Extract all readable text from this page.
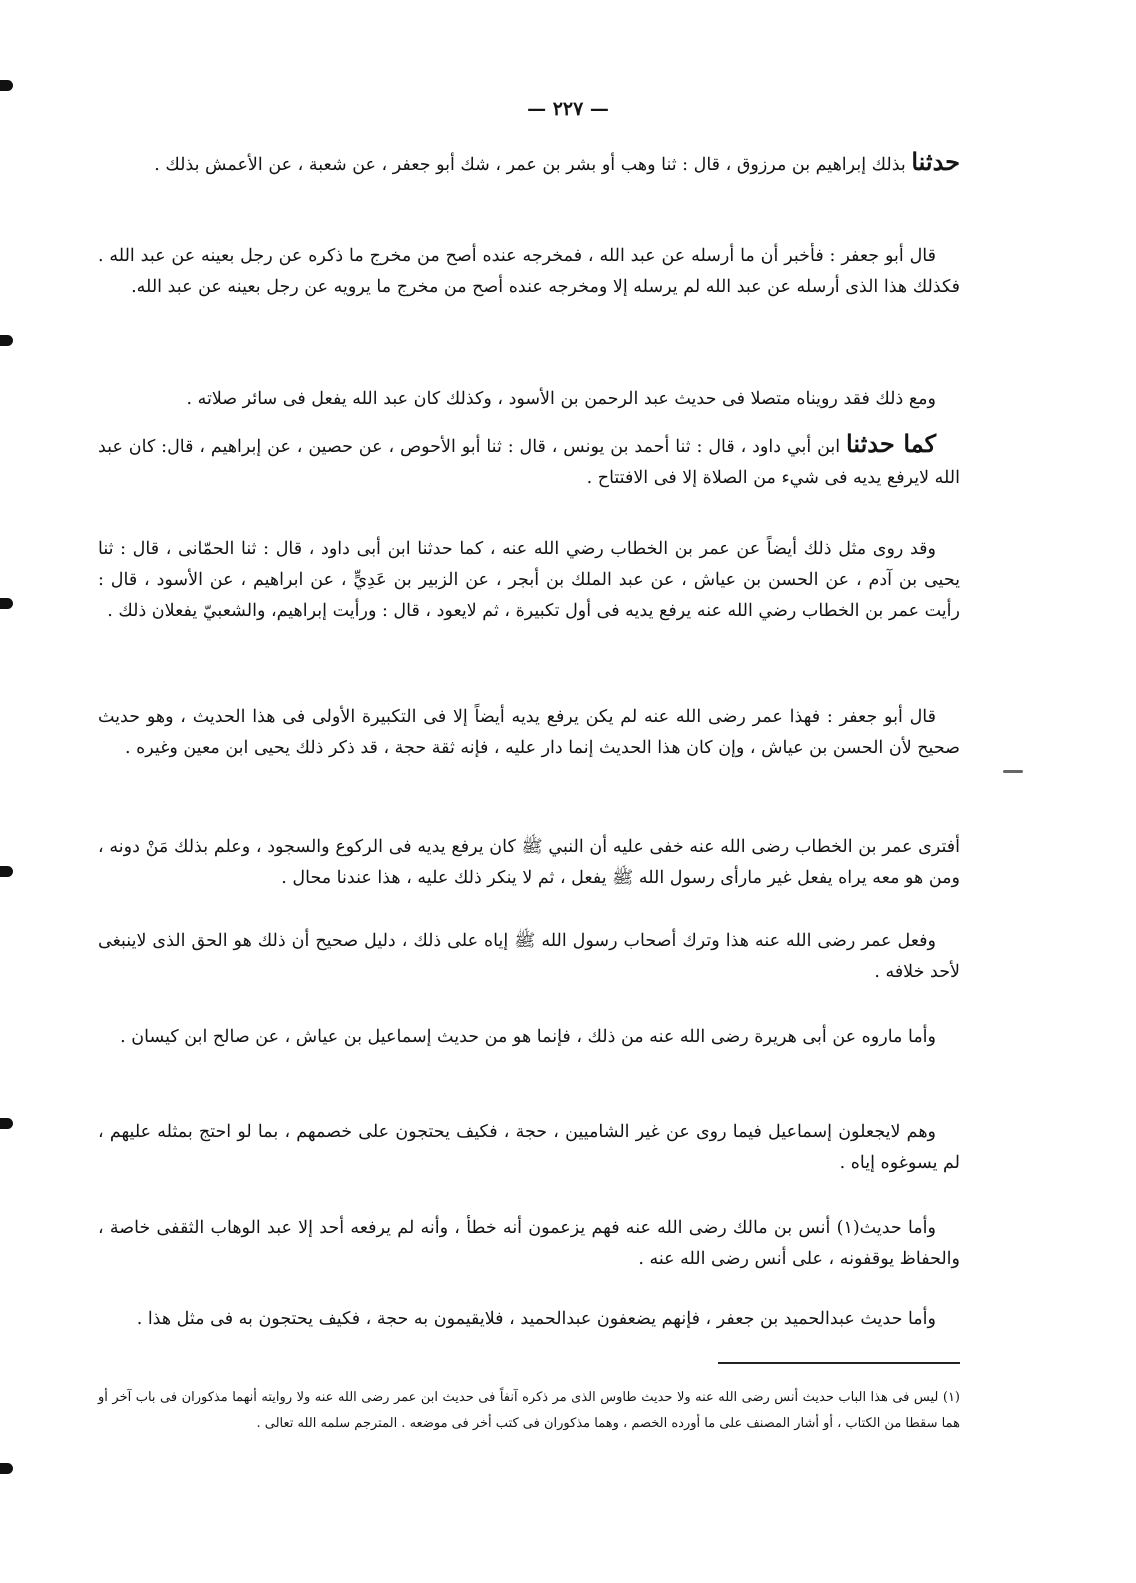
— ٢٢٧ —

حدثنا بذلك إبراهيم بن مرزوق ، قال : ثنا وهب أو بشر بن عمر ، شك أبو جعفر ، عن شعبة ، عن الأعمش بذلك .

قال أبو جعفر : فأخبر أن ما أرسله عن عبد الله ، فمخرجه عنده أصح من مخرج ما ذكره عن رجل بعينه عن عبد الله . فكذلك هذا الذى أرسله عن عبد الله لم يرسله إلا ومخرجه عنده أصح من مخرج ما يرويه عن رجل بعينه عن عبد الله.

ومع ذلك فقد رويناه متصلا فى حديث عبد الرحمن بن الأسود ، وكذلك كان عبد الله يفعل فى سائر صلاته .

كما حدثنا ابن أبي داود ، قال : ثنا أحمد بن يونس ، قال : ثنا أبو الأحوص ، عن حصين ، عن إبراهيم ، قال: كان عبد الله لايرفع يديه فى شيء من الصلاة إلا فى الافتتاح .

وقد روى مثل ذلك أيضاً عن عمر بن الخطاب رضي الله عنه ، كما حدثنا ابن أبى داود ، قال : ثنا الحمّانى ، قال : ثنا يحيى بن آدم ، عن الحسن بن عياش ، عن عبد الملك بن أبجر ، عن الزبير بن عَدِيٍّ ، عن ابراهيم ، عن الأسود ، قال : رأيت عمر بن الخطاب رضي الله عنه يرفع يديه فى أول تكبيرة ، ثم لايعود ، قال : ورأيت إبراهيم، والشعبيّ يفعلان ذلك .

قال أبو جعفر : فهذا عمر رضى الله عنه لم يكن يرفع يديه أيضاً إلا فى التكبيرة الأولى فى هذا الحديث ، وهو حديث صحيح لأن الحسن بن عياش ، وإن كان هذا الحديث إنما دار عليه ، فإنه ثقة حجة ، قد ذكر ذلك يحيى ابن معين وغيره .

أفترى عمر بن الخطاب رضى الله عنه خفى عليه أن النبي ﷺ كان يرفع يديه فى الركوع والسجود ، وعلم بذلك مَنْ دونه ، ومن هو معه يراه يفعل غير مارأى رسول الله ﷺ يفعل ، ثم لا ينكر ذلك عليه ، هذا عندنا محال .

وفعل عمر رضى الله عنه هذا وترك أصحاب رسول الله ﷺ إياه على ذلك ، دليل صحيح أن ذلك هو الحق الذى لاينبغى لأحد خلافه .

وأما ماروه عن أبى هريرة رضى الله عنه من ذلك ، فإنما هو من حديث إسماعيل بن عياش ، عن صالح ابن كيسان .

وهم لايجعلون إسماعيل فيما روى عن غير الشاميين ، حجة ، فكيف يحتجون على خصمهم ، بما لو احتج بمثله عليهم ، لم يسوغوه إياه .

وأما حديث(١) أنس بن مالك رضى الله عنه فهم يزعمون أنه خطأ ، وأنه لم يرفعه أحد إلا عبد الوهاب الثقفى خاصة ، والحفاظ يوقفونه ، على أنس رضى الله عنه .

وأما حديث عبدالحميد بن جعفر ، فإنهم يضعفون عبدالحميد ، فلايقيمون به حجة ، فكيف يحتجون به فى مثل هذا .

(١) ليس فى هذا الباب حديث أنس رضى الله عنه ولا حديث طاوس الذى مر ذكره آنفاً فى حديث ابن عمر رضى الله عنه ولا روايته أنهما مذكوران فى باب آخر أو هما سقطا من الكتاب ، أو أشار المصنف على ما أورده الخصم ، وهما مذكوران فى كتب أخر فى موضعه . المترجم سلمه الله تعالى .
